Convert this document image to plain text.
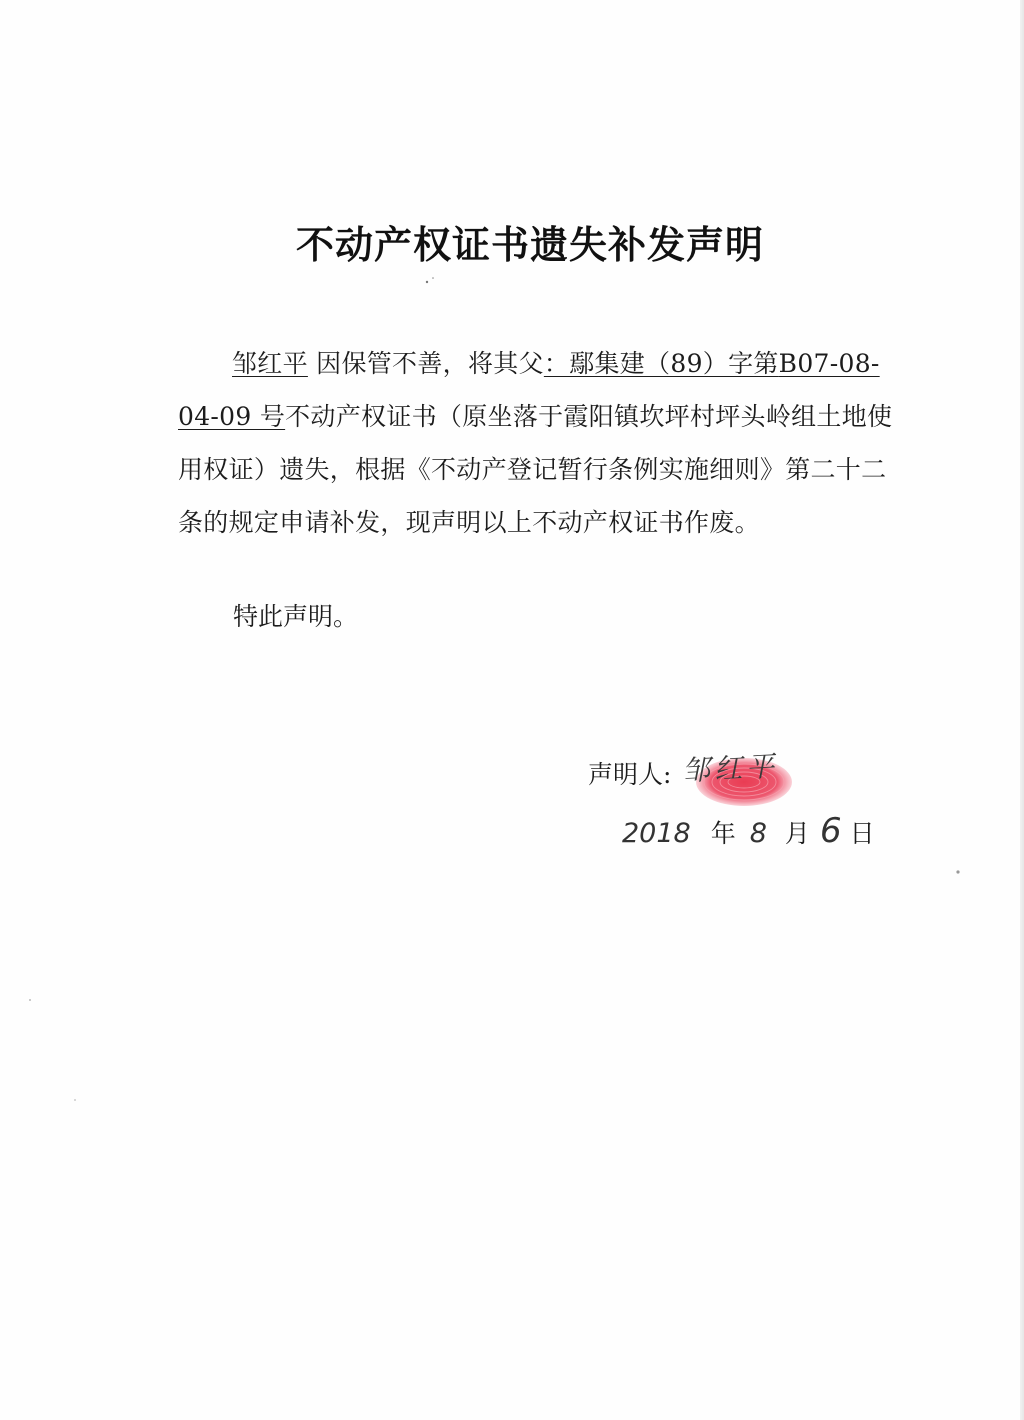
不动产权证书遗失补发声明

邹红平 因保管不善，将其父：鄢集建（89）字第B07-08-04-09 号不动产权证书（原坐落于霞阳镇坎坪村坪头岭组土地使用权证）遗失，根据《不动产登记暂行条例实施细则》第二十二条的规定申请补发，现声明以上不动产权证书作废。

特此声明。
声明人: 邹红平
2018 年 8 月 6 日
